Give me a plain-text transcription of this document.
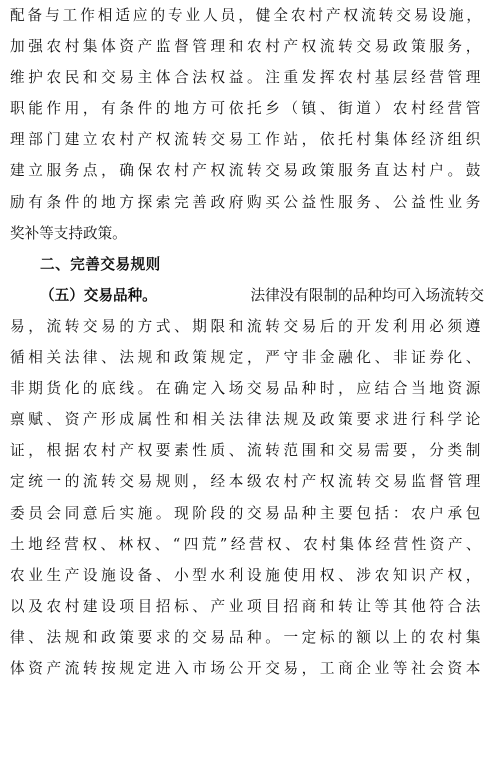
配备与工作相适应的专业人员，健全农村产权流转交易设施，
加强农村集体资产监督管理和农村产权流转交易政策服务，
维护农民和交易主体合法权益。注重发挥农村基层经营管理
职能作用，有条件的地方可依托乡（镇、街道）农村经营管
理部门建立农村产权流转交易工作站，依托村集体经济组织
建立服务点，确保农村产权流转交易政策服务直达村户。鼓
励有条件的地方探索完善政府购买公益性服务、公益性业务
奖补等支持政策。
二、完善交易规则
（五）交易品种。	法律没有限制的品种均可入场流转交
易，流转交易的方式、期限和流转交易后的开发利用必须遵
循相关法律、法规和政策规定，严守非金融化、非证券化、
非期货化的底线。在确定入场交易品种时，应结合当地资源
禀赋、资产形成属性和相关法律法规及政策要求进行科学论
证，根据农村产权要素性质、流转范围和交易需要，分类制
定统一的流转交易规则，经本级农村产权流转交易监督管理
委员会同意后实施。现阶段的交易品种主要包括：农户承包
土地经营权、林权、“四荒”经营权、农村集体经营性资产、
农业生产设施设备、小型水利设施使用权、涉农知识产权，
以及农村建设项目招标、产业项目招商和转让等其他符合法
律、法规和政策要求的交易品种。一定标的额以上的农村集
体资产流转按规定进入市场公开交易，工商企业等社会资本
